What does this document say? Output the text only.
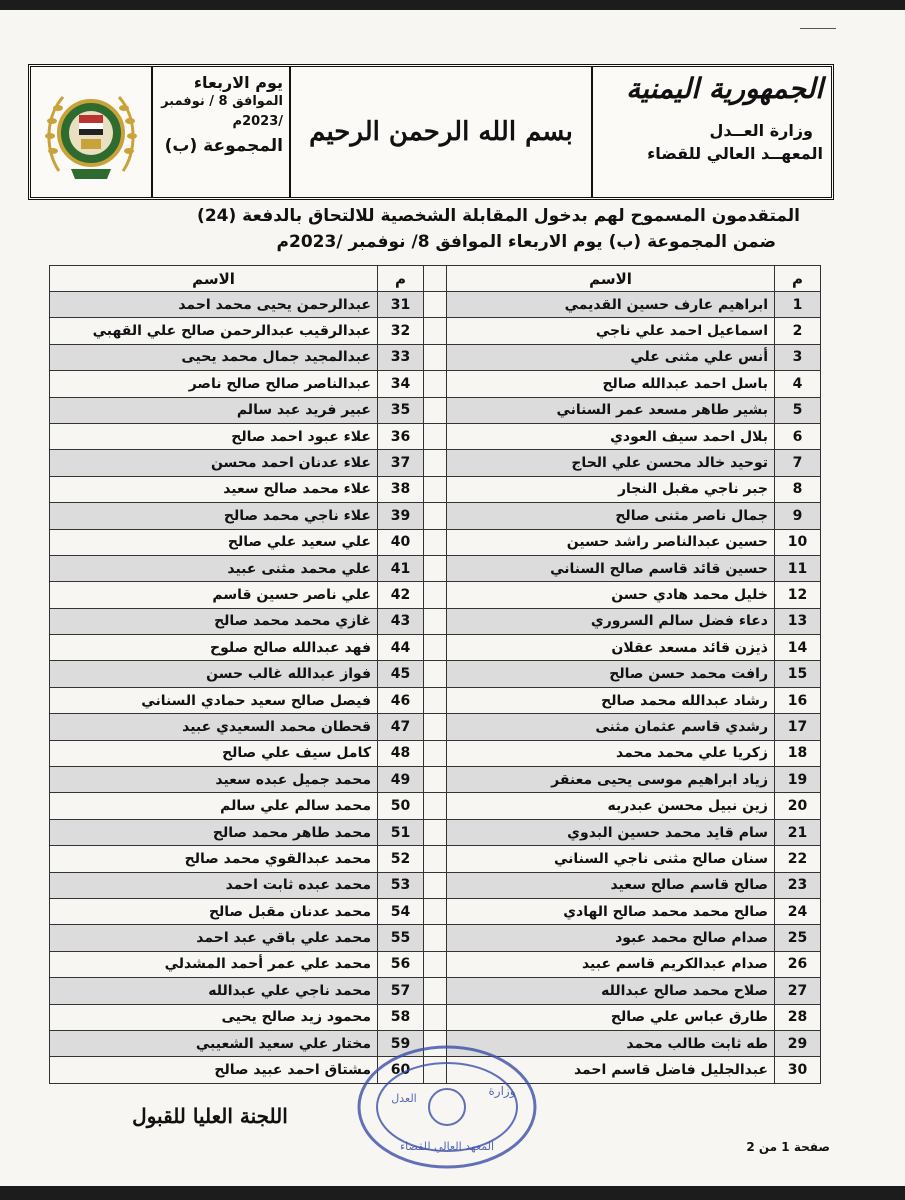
يوم الاربعاء
الموافق 8 / نوفمبر
/2023م
المجموعة (ب) بسم الله الرحمن الرحيم
الجمهورية اليمنية
وزارة العــدل
المعهــد العالي للقضاء
المتقدمون المسموح لهم بدخول المقابلة الشخصية للالتحاق بالدفعة (24)
ضمن المجموعة (ب) يوم الاربعاء الموافق 8/ نوفمبر /2023م
م	الاسم		م	الاسم
1	ابراهيم عارف حسين القديمي		31	عبدالرحمن يحيى محمد احمد
2	اسماعيل احمد علي ناجي		32	عبدالرقيب عبدالرحمن صالح علي القهبي
3	أنس علي مثنى علي		33	عبدالمجيد جمال محمد يحيى
4	باسل احمد عبدالله صالح		34	عبدالناصر صالح صالح ناصر
5	بشير طاهر مسعد عمر السناني		35	عبير فريد عبد سالم
6	بلال احمد سيف العودي		36	علاء عبود احمد صالح
7	توحيد خالد محسن علي الحاج		37	علاء عدنان احمد محسن
8	جبر ناجي مقبل النجار		38	علاء محمد صالح سعيد
9	جمال ناصر مثنى صالح		39	علاء ناجي محمد صالح
10	حسين عبدالناصر راشد حسين		40	علي سعيد علي صالح
11	حسين قائد قاسم صالح السناني		41	علي محمد مثنى عبيد
12	خليل محمد هادي حسن		42	علي ناصر حسين قاسم
13	دعاء فضل سالم السروري		43	غازي محمد محمد صالح
14	ذيزن قائد مسعد عقلان		44	فهد عبدالله صالح صلوح
15	رافت محمد حسن صالح		45	فواز عبدالله غالب حسن
16	رشاد عبدالله محمد صالح		46	فيصل صالح سعيد حمادي السناني
17	رشدي قاسم عثمان مثنى		47	قحطان محمد السعيدي عبيد
18	زكريا علي محمد محمد		48	كامل سيف علي صالح
19	زياد ابراهيم موسى يحيى معنقر		49	محمد جميل عبده سعيد
20	زين نبيل محسن عبدربه		50	محمد سالم علي سالم
21	سام قايد محمد حسين البدوي		51	محمد طاهر محمد صالح
22	سنان صالح مثنى ناجي السناني		52	محمد عبدالقوي محمد صالح
23	صالح قاسم صالح سعيد		53	محمد عبده ثابت احمد
24	صالح محمد محمد صالح الهادي		54	محمد عدنان مقبل صالح
25	صدام صالح محمد عبود		55	محمد علي باقي عبد احمد
26	صدام عبدالكريم قاسم عبيد		56	محمد علي عمر أحمد المشدلي
27	صلاح محمد صالح عبدالله		57	محمد ناجي علي عبدالله
28	طارق عباس علي صالح		58	محمود زيد صالح يحيى
29	طه ثابت طالب محمد		59	مختار علي سعيد الشعيبي
30	عبدالجليل فاضل قاسم احمد		60	مشتاق احمد عبيد صالح
اللجنة العليا للقبول
وزارة
العدل
المعهد العالي للقضاء	صفحة 1 من 2
